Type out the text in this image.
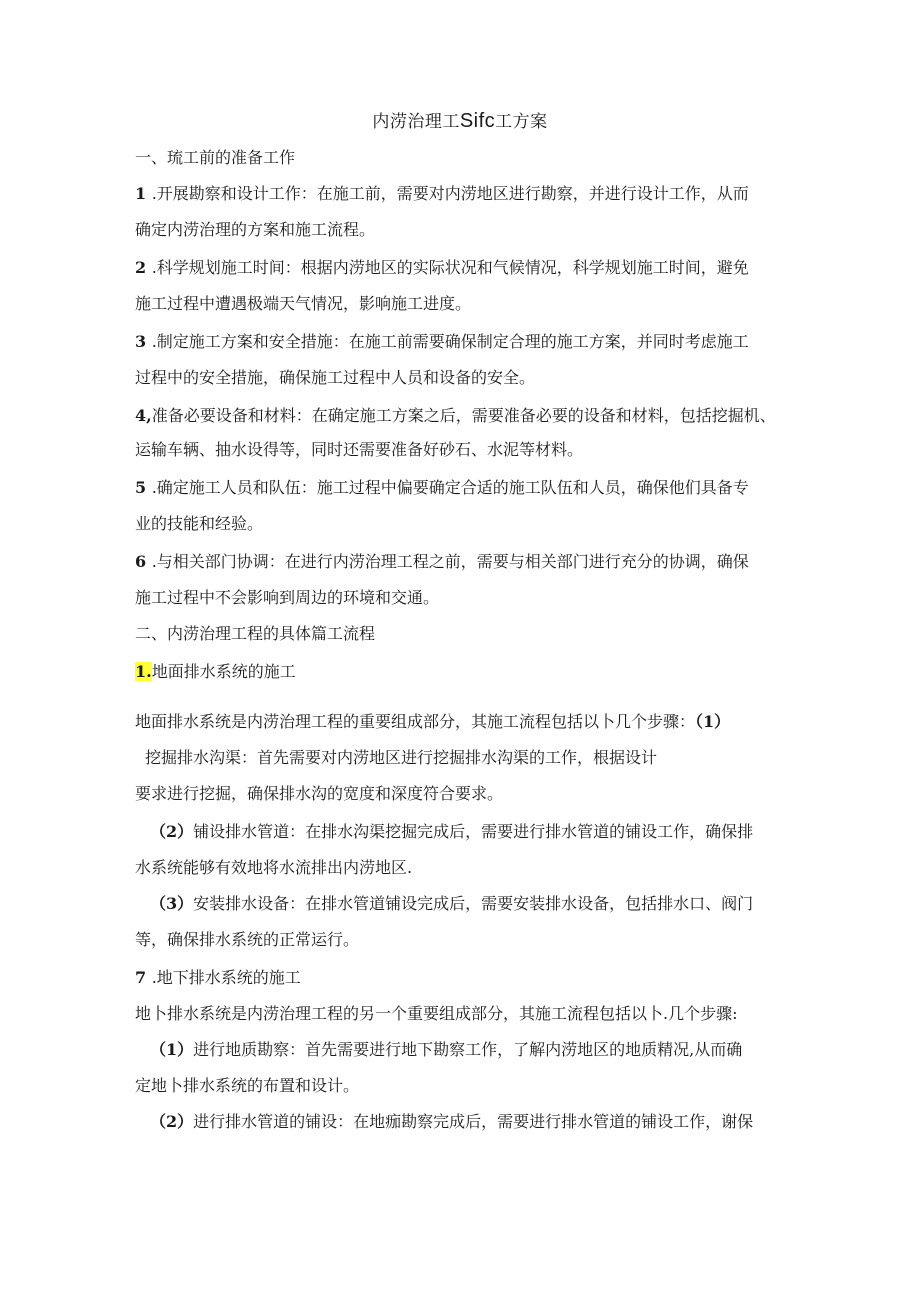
内涝治理工Sifc工方案
一、琉工前的准备工作
1 .开展勘察和设计工作：在施工前，需要对内涝地区进行勘察，并进行设计工作，从而
确定内涝治理的方案和施工流程。
2 .科学规划施工时间：根据内涝地区的实际状况和气候情况，科学规划施工时间，避免
施工过程中遭遇极端天气情况，影响施工进度。
3 .制定施工方案和安全措施：在施工前需要确保制定合理的施工方案，并同时考虑施工
过程中的安全措施，确保施工过程中人员和设备的安全。
4,准备必要设备和材料：在确定施工方案之后，需要准备必要的设备和材料，包括挖掘机、
运输车辆、抽水设得等，同时还需要准备好砂石、水泥等材料。
5 .确定施工人员和队伍：施工过程中偏要确定合适的施工队伍和人员，确保他们具备专
业的技能和经验。
6 .与相关部门协调：在进行内涝治理工程之前，需要与相关部门进行充分的协调，确保
施工过程中不会影响到周边的环境和交通。
二、内涝治理工程的具体篇工流程
1.地面排水系统的施工
地面排水系统是内涝治理工程的重要组成部分，其施工流程包括以卜几个步骤：（1）
挖掘排水沟渠：首先需要对内涝地区进行挖掘排水沟渠的工作，根据设计
要求进行挖掘，确保排水沟的宽度和深度符合要求。
（2）铺设排水管道：在排水沟渠挖掘完成后，需要进行排水管道的铺设工作，确保排
水系统能够有效地将水流排出内涝地区.
（3）安装排水设备：在排水管道铺设完成后，需要安装排水设备，包括排水口、阀门
等，确保排水系统的正常运行。
7 .地下排水系统的施工
地卜排水系统是内涝治理工程的另一个重要组成部分，其施工流程包括以卜.几个步骤:
（1）进行地质勘察：首先需要进行地下勘察工作，了解内涝地区的地质精况,从而确
定地卜排水系统的布置和设计。
（2）进行排水管道的铺设：在地痂勘察完成后，需要进行排水管道的铺设工作，谢保
